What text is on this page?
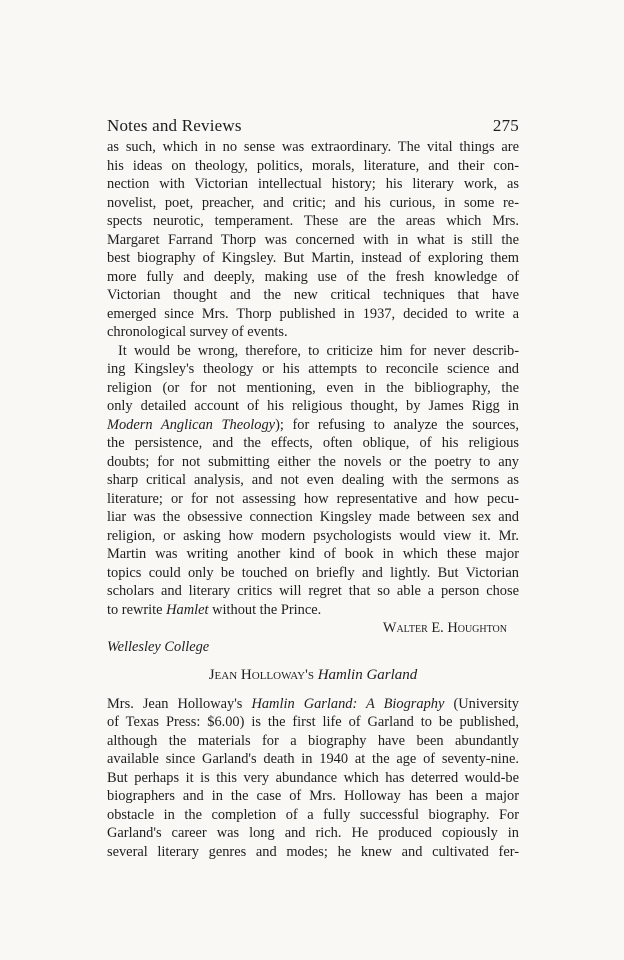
Notes and Reviews	275
as such, which in no sense was extraordinary. The vital things are
his ideas on theology, politics, morals, literature, and their con-
nection with Victorian intellectual history; his literary work, as
novelist, poet, preacher, and critic; and his curious, in some re-
spects neurotic, temperament. These are the areas which Mrs.
Margaret Farrand Thorp was concerned with in what is still the
best biography of Kingsley. But Martin, instead of exploring them
more fully and deeply, making use of the fresh knowledge of
Victorian thought and the new critical techniques that have
emerged since Mrs. Thorp published in 1937, decided to write a
chronological survey of events.
It would be wrong, therefore, to criticize him for never describ-
ing Kingsley's theology or his attempts to reconcile science and
religion (or for not mentioning, even in the bibliography, the
only detailed account of his religious thought, by James Rigg in
Modern Anglican Theology); for refusing to analyze the sources,
the persistence, and the effects, often oblique, of his religious
doubts; for not submitting either the novels or the poetry to any
sharp critical analysis, and not even dealing with the sermons as
literature; or for not assessing how representative and how pecu-
liar was the obsessive connection Kingsley made between sex and
religion, or asking how modern psychologists would view it. Mr.
Martin was writing another kind of book in which these major
topics could only be touched on briefly and lightly. But Victorian
scholars and literary critics will regret that so able a person chose
to rewrite Hamlet without the Prince.
Walter E. Houghton
Wellesley College
Jean Holloway's Hamlin Garland
Mrs. Jean Holloway's Hamlin Garland: A Biography (University
of Texas Press: $6.00) is the first life of Garland to be published,
although the materials for a biography have been abundantly
available since Garland's death in 1940 at the age of seventy-nine.
But perhaps it is this very abundance which has deterred would-be
biographers and in the case of Mrs. Holloway has been a major
obstacle in the completion of a fully successful biography. For
Garland's career was long and rich. He produced copiously in
several literary genres and modes; he knew and cultivated fer-
